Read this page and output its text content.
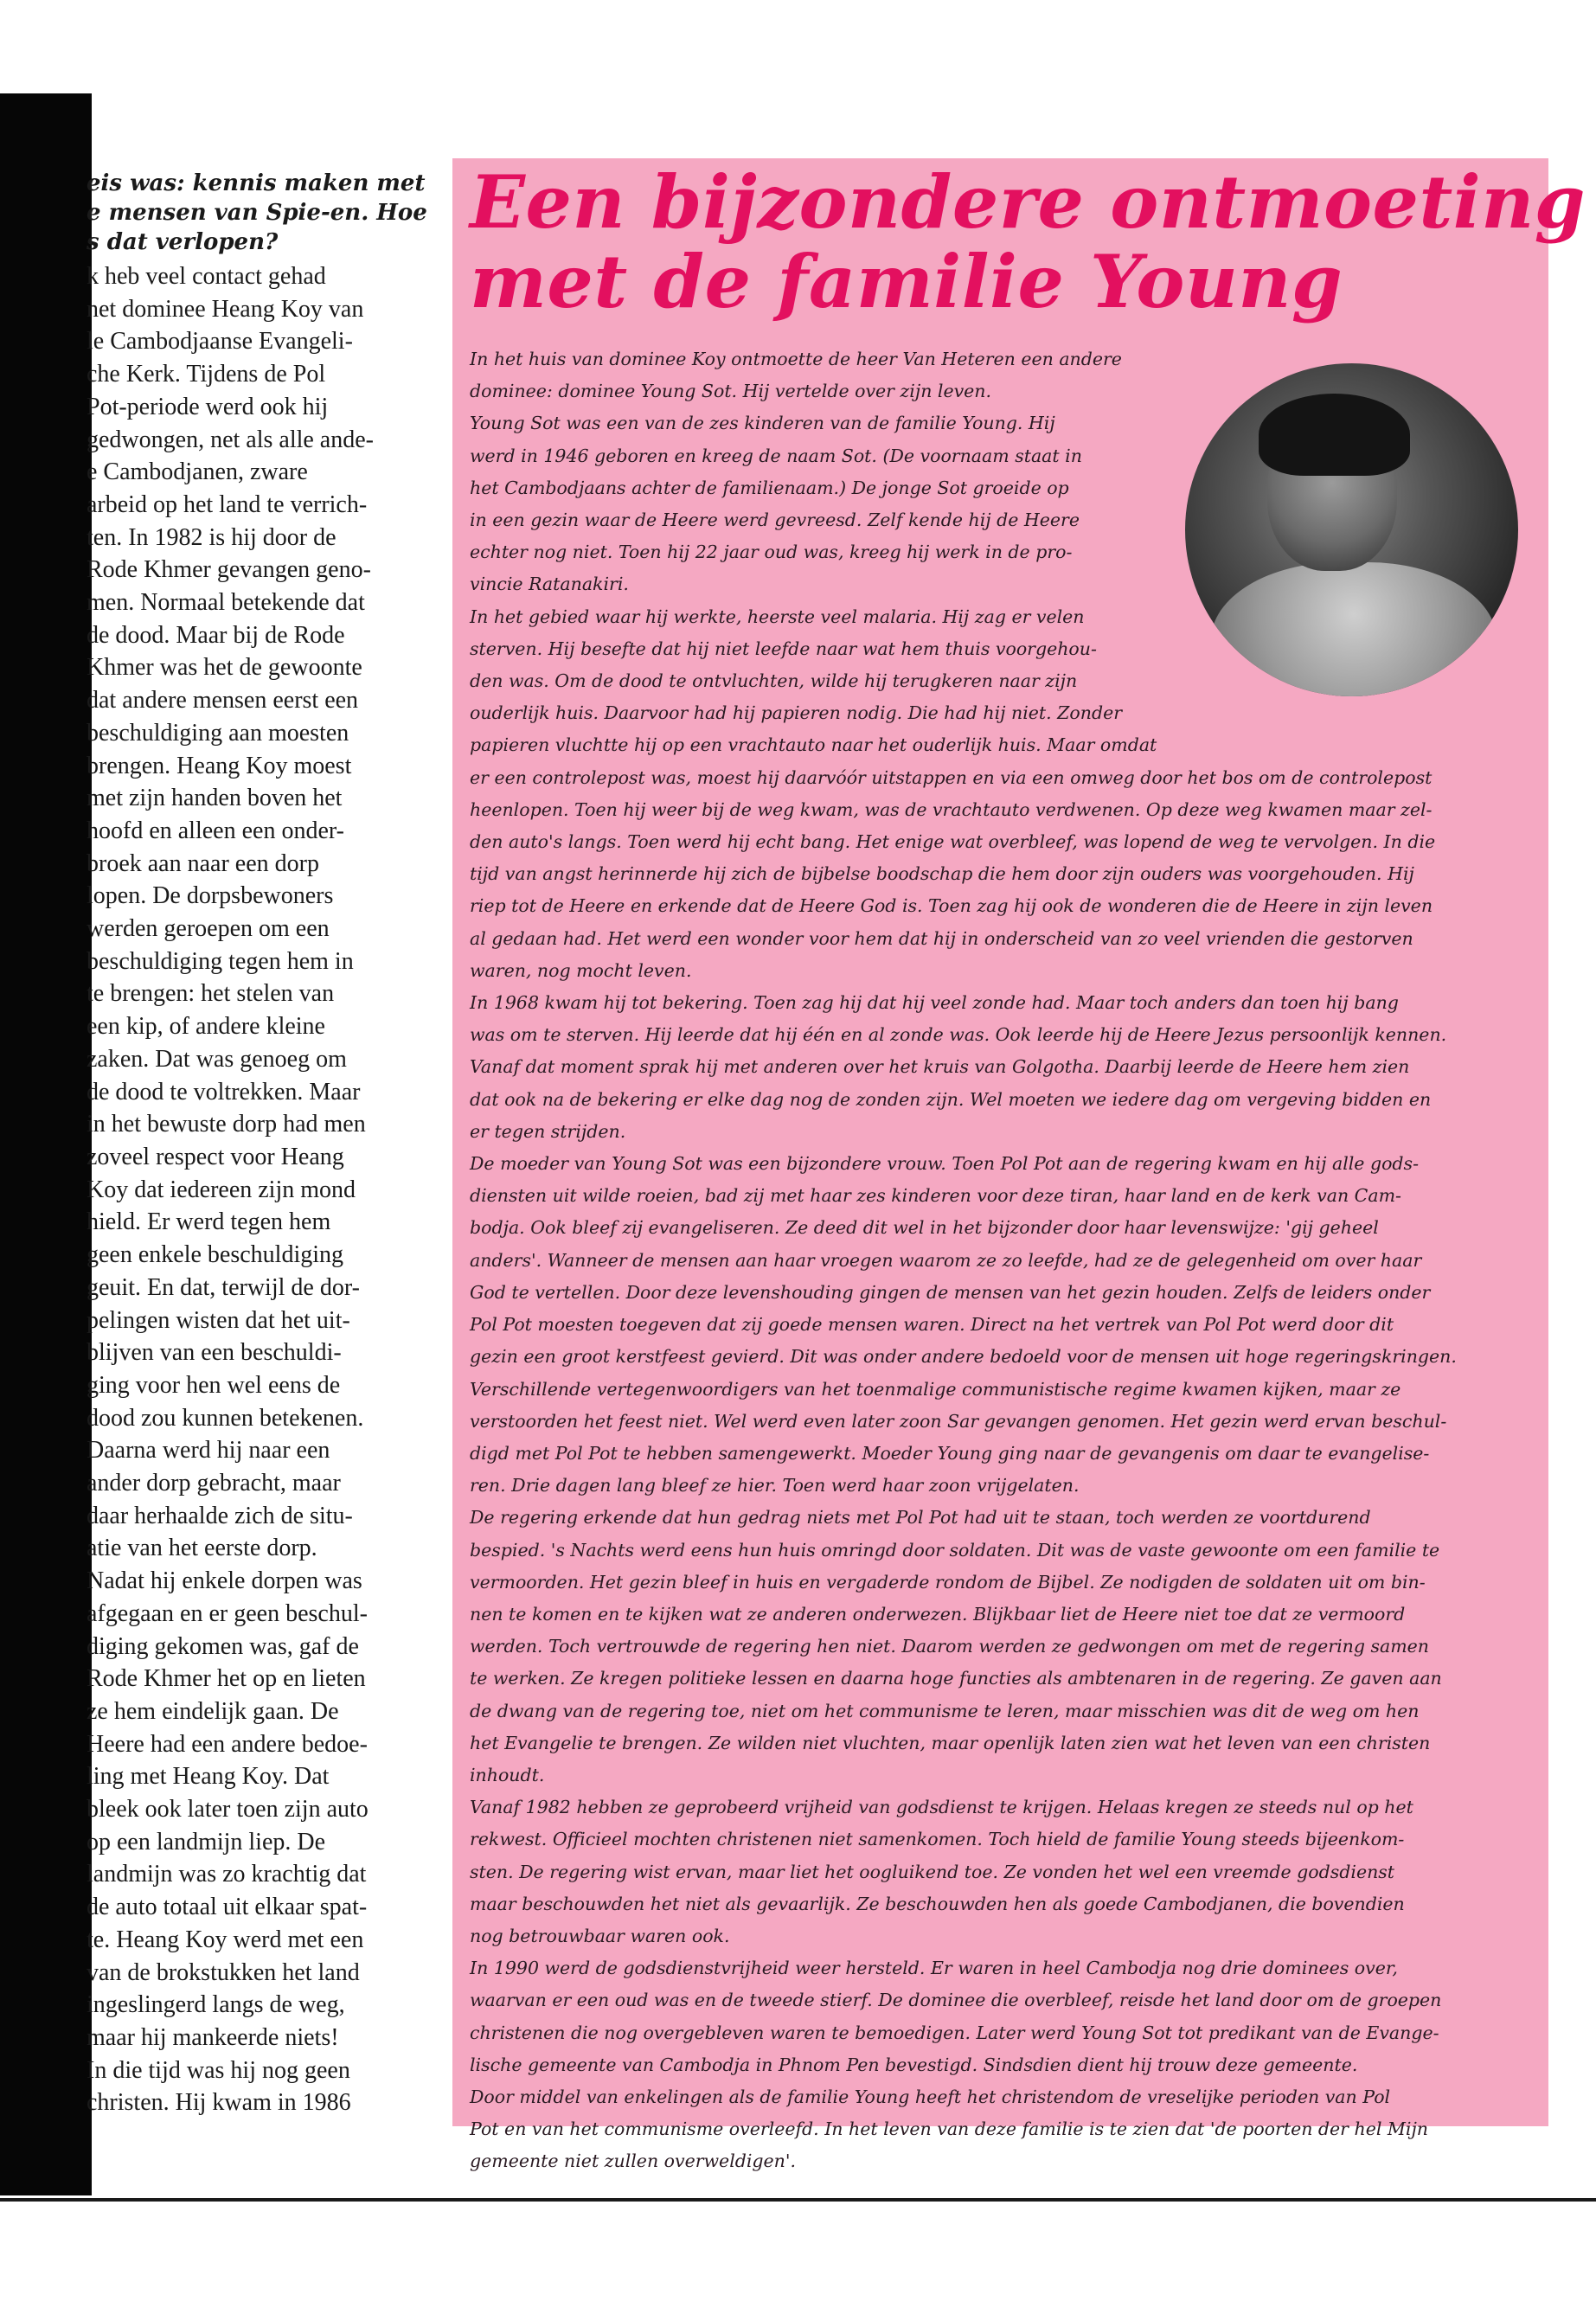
eis was: kennis maken met
e mensen van Spie-en. Hoe
s dat verlopen?
k heb veel contact gehad
net dominee Heang Koy van
le Cambodjaanse Evangeli-
che Kerk. Tijdens de Pol
Pot-periode werd ook hij
gedwongen, net als alle ande-
e Cambodjanen, zware
arbeid op het land te verrich-
ten. In 1982 is hij door de
Rode Khmer gevangen geno-
men. Normaal betekende dat
de dood. Maar bij de Rode
Khmer was het de gewoonte
dat andere mensen eerst een
beschuldiging aan moesten
brengen. Heang Koy moest
met zijn handen boven het
hoofd en alleen een onder-
broek aan naar een dorp
lopen. De dorpsbewoners
werden geroepen om een
beschuldiging tegen hem in
te brengen: het stelen van
een kip, of andere kleine
zaken. Dat was genoeg om
de dood te voltrekken. Maar
in het bewuste dorp had men
zoveel respect voor Heang
Koy dat iedereen zijn mond
hield. Er werd tegen hem
geen enkele beschuldiging
geuit. En dat, terwijl de dor-
pelingen wisten dat het uit-
blijven van een beschuldi-
ging voor hen wel eens de
dood zou kunnen betekenen.
Daarna werd hij naar een
ander dorp gebracht, maar
daar herhaalde zich de situ-
atie van het eerste dorp.
Nadat hij enkele dorpen was
afgegaan en er geen beschul-
diging gekomen was, gaf de
Rode Khmer het op en lieten
ze hem eindelijk gaan. De
Heere had een andere bedoe-
ling met Heang Koy. Dat
bleek ook later toen zijn auto
op een landmijn liep. De
landmijn was zo krachtig dat
de auto totaal uit elkaar spat-
te. Heang Koy werd met een
van de brokstukken het land
ingeslingerd langs de weg,
maar hij mankeerde niets!
In die tijd was hij nog geen
christen. Hij kwam in 1986
Een bijzondere ontmoeting
met de familie Young
In het huis van dominee Koy ontmoette de heer Van Heteren een andere
dominee: dominee Young Sot. Hij vertelde over zijn leven.
Young Sot was een van de zes kinderen van de familie Young. Hij
werd in 1946 geboren en kreeg de naam Sot. (De voornaam staat in
het Cambodjaans achter de familienaam.) De jonge Sot groeide op
in een gezin waar de Heere werd gevreesd. Zelf kende hij de Heere
echter nog niet. Toen hij 22 jaar oud was, kreeg hij werk in de pro-
vincie Ratanakiri.
In het gebied waar hij werkte, heerste veel malaria. Hij zag er velen
sterven. Hij besefte dat hij niet leefde naar wat hem thuis voorgehou-
den was. Om de dood te ontvluchten, wilde hij terugkeren naar zijn
ouderlijk huis. Daarvoor had hij papieren nodig. Die had hij niet. Zonder
papieren vluchtte hij op een vrachtauto naar het ouderlijk huis. Maar omdat
er een controlepost was, moest hij daarvóór uitstappen en via een omweg door het bos om de controlepost
heenlopen. Toen hij weer bij de weg kwam, was de vrachtauto verdwenen. Op deze weg kwamen maar zel-
den auto's langs. Toen werd hij echt bang. Het enige wat overbleef, was lopend de weg te vervolgen. In die
tijd van angst herinnerde hij zich de bijbelse boodschap die hem door zijn ouders was voorgehouden. Hij
riep tot de Heere en erkende dat de Heere God is. Toen zag hij ook de wonderen die de Heere in zijn leven
al gedaan had. Het werd een wonder voor hem dat hij in onderscheid van zo veel vrienden die gestorven
waren, nog mocht leven.
In 1968 kwam hij tot bekering. Toen zag hij dat hij veel zonde had. Maar toch anders dan toen hij bang
was om te sterven. Hij leerde dat hij één en al zonde was. Ook leerde hij de Heere Jezus persoonlijk kennen.
Vanaf dat moment sprak hij met anderen over het kruis van Golgotha. Daarbij leerde de Heere hem zien
dat ook na de bekering er elke dag nog de zonden zijn. Wel moeten we iedere dag om vergeving bidden en
er tegen strijden.
De moeder van Young Sot was een bijzondere vrouw. Toen Pol Pot aan de regering kwam en hij alle gods-
diensten uit wilde roeien, bad zij met haar zes kinderen voor deze tiran, haar land en de kerk van Cam-
bodja. Ook bleef zij evangeliseren. Ze deed dit wel in het bijzonder door haar levenswijze: 'gij geheel
anders'. Wanneer de mensen aan haar vroegen waarom ze zo leefde, had ze de gelegenheid om over haar
God te vertellen. Door deze levenshouding gingen de mensen van het gezin houden. Zelfs de leiders onder
Pol Pot moesten toegeven dat zij goede mensen waren. Direct na het vertrek van Pol Pot werd door dit
gezin een groot kerstfeest gevierd. Dit was onder andere bedoeld voor de mensen uit hoge regeringskringen.
Verschillende vertegenwoordigers van het toenmalige communistische regime kwamen kijken, maar ze
verstoorden het feest niet. Wel werd even later zoon Sar gevangen genomen. Het gezin werd ervan beschul-
digd met Pol Pot te hebben samengewerkt. Moeder Young ging naar de gevangenis om daar te evangelise-
ren. Drie dagen lang bleef ze hier. Toen werd haar zoon vrijgelaten.
De regering erkende dat hun gedrag niets met Pol Pot had uit te staan, toch werden ze voortdurend
bespied. 's Nachts werd eens hun huis omringd door soldaten. Dit was de vaste gewoonte om een familie te
vermoorden. Het gezin bleef in huis en vergaderde rondom de Bijbel. Ze nodigden de soldaten uit om bin-
nen te komen en te kijken wat ze anderen onderwezen. Blijkbaar liet de Heere niet toe dat ze vermoord
werden. Toch vertrouwde de regering hen niet. Daarom werden ze gedwongen om met de regering samen
te werken. Ze kregen politieke lessen en daarna hoge functies als ambtenaren in de regering. Ze gaven aan
de dwang van de regering toe, niet om het communisme te leren, maar misschien was dit de weg om hen
het Evangelie te brengen. Ze wilden niet vluchten, maar openlijk laten zien wat het leven van een christen
inhoudt.
Vanaf 1982 hebben ze geprobeerd vrijheid van godsdienst te krijgen. Helaas kregen ze steeds nul op het
rekwest. Officieel mochten christenen niet samenkomen. Toch hield de familie Young steeds bijeenkom-
sten. De regering wist ervan, maar liet het oogluikend toe. Ze vonden het wel een vreemde godsdienst
maar beschouwden het niet als gevaarlijk. Ze beschouwden hen als goede Cambodjanen, die bovendien
nog betrouwbaar waren ook.
In 1990 werd de godsdienstvrijheid weer hersteld. Er waren in heel Cambodja nog drie dominees over,
waarvan er een oud was en de tweede stierf. De dominee die overbleef, reisde het land door om de groepen
christenen die nog overgebleven waren te bemoedigen. Later werd Young Sot tot predikant van de Evange-
lische gemeente van Cambodja in Phnom Pen bevestigd. Sindsdien dient hij trouw deze gemeente.
Door middel van enkelingen als de familie Young heeft het christendom de vreselijke perioden van Pol
Pot en van het communisme overleefd. In het leven van deze familie is te zien dat 'de poorten der hel Mijn
gemeente niet zullen overweldigen'.
